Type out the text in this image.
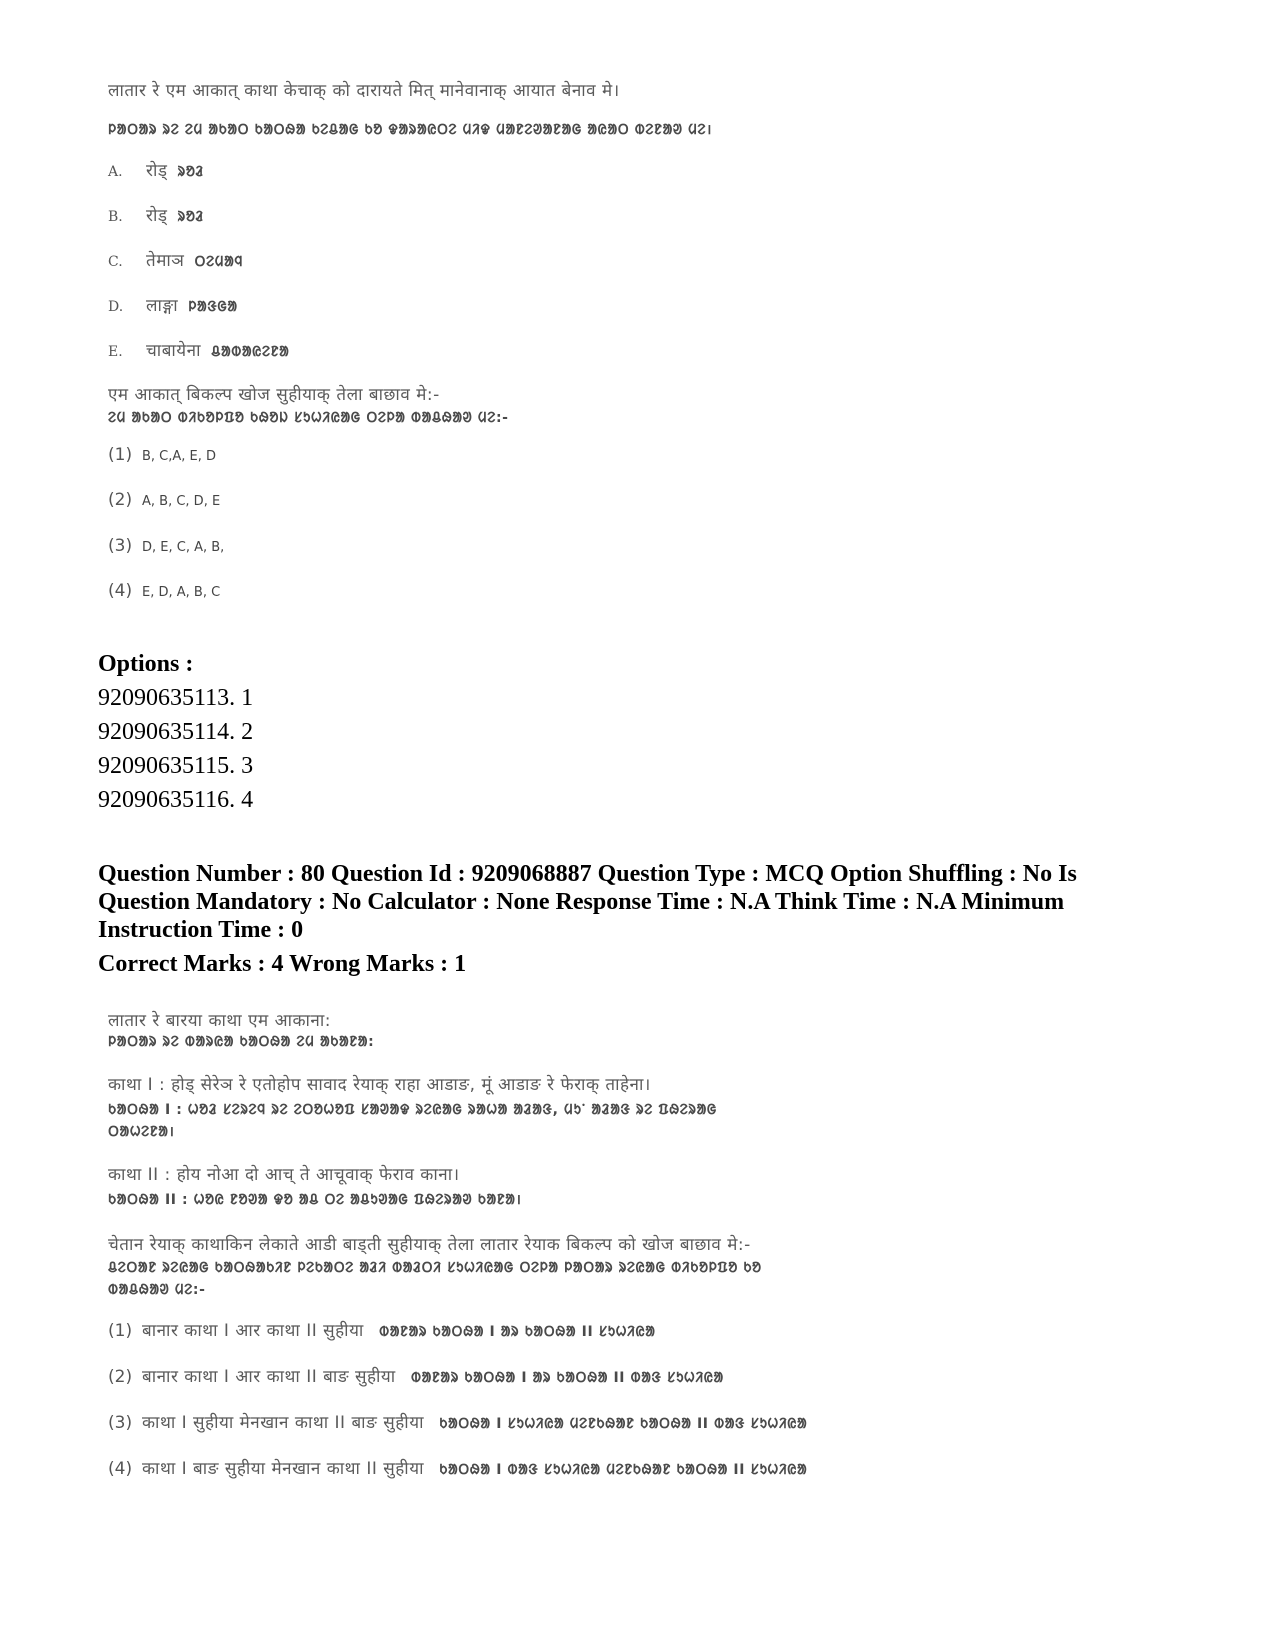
लातार रे एम आकात् काथा केचाक् को दारायते मित् मानेवानाक् आयात बेनाव मे।
ᱞᱟᱛᱟᱨ ᱨᱮ ᱮᱢ ᱟᱠᱟᱛ ᱠᱟᱛᱷᱟ ᱠᱮᱪᱟᱜ ᱠᱚ ᱫᱟᱨᱟᱭᱛᱮ ᱢᱤᱫ ᱢᱟᱱᱮᱣᱟᱱᱟᱜ ᱟᱭᱟᱛ ᱵᱮᱱᱟᱣ ᱢᱮ।
A. रोड् ᱨᱚᱲ
B. रोड् ᱨᱚᱲ
C. तेमाञ ᱛᱮᱢᱟᱧ
D. लाङ्गा ᱞᱟᱝᱜᱟ
E. चाबायेना ᱪᱟᱵᱟᱭᱮᱱᱟ
एम आकात् बिकल्प खोज सुहीयाक् तेला बाछाव मे:-
ᱮᱢ ᱟᱠᱟᱛ ᱵᱤᱠᱚᱞᱯᱚ ᱠᱷᱚᱡ ᱥᱩᱦᱤᱭᱟᱜ ᱛᱮᱞᱟ ᱵᱟᱪᱷᱟᱣ ᱢᱮ:-
(1) B, C,A, E, D
(2) A, B, C, D, E
(3) D, E, C, A, B,
(4) E, D, A, B, C
Options :
92090635113. 1
92090635114. 2
92090635115. 3
92090635116. 4
Question Number : 80 Question Id : 9209068887 Question Type : MCQ Option Shuffling : No Is
Question Mandatory : No Calculator : None Response Time : N.A Think Time : N.A Minimum
Instruction Time : 0
Correct Marks : 4 Wrong Marks : 1
लातार रे बारया काथा एम आकाना:
ᱞᱟᱛᱟᱨ ᱨᱮ ᱵᱟᱨᱭᱟ ᱠᱟᱛᱷᱟ ᱮᱢ ᱟᱠᱟᱱᱟ:
काथा I : होड् सेरेञ रे एतोहोप सावाद रेयाक् राहा आडाङ, मूं आडाङ रे फेराक् ताहेना।
ᱠᱟᱛᱷᱟ I : ᱦᱚᱲ ᱥᱮᱨᱮᱧ ᱨᱮ ᱮᱛᱚᱦᱚᱯ ᱥᱟᱣᱟᱫ ᱨᱮᱭᱟᱜ ᱨᱟᱦᱟ ᱟᱲᱟᱝ, ᱢᱩᱸ ᱟᱲᱟᱝ ᱨᱮ ᱯᱷᱮᱨᱟᱜ
ᱛᱟᱦᱮᱱᱟ।
काथा II : होय नोआ दो आच् ते आचूवाक् फेराव काना।
ᱠᱟᱛᱷᱟ II : ᱦᱚᱭ ᱱᱚᱣᱟ ᱫᱚ ᱟᱪ ᱛᱮ ᱟᱪᱩᱣᱟᱜ ᱯᱷᱮᱨᱟᱣ ᱠᱟᱱᱟ।
चेतान रेयाक् काथाकिन लेकाते आडी बाड्ती सुहीयाक् तेला लातार रेयाक बिकल्प को खोज बाछाव मे:-
ᱪᱮᱛᱟᱱ ᱨᱮᱭᱟᱜ ᱠᱟᱛᱷᱟᱠᱤᱱ ᱞᱮᱠᱟᱛᱮ ᱟᱲᱤ ᱵᱟᱲᱛᱤ ᱥᱩᱦᱤᱭᱟᱜ ᱛᱮᱞᱟ ᱞᱟᱛᱟᱨ ᱨᱮᱭᱟᱜ ᱵᱤᱠᱚᱞᱯᱚ ᱠᱚ
ᱵᱟᱪᱷᱟᱣ ᱢᱮ:-
(1) बानार काथा I आर काथा II सुहीया ᱵᱟᱱᱟᱨ ᱠᱟᱛᱷᱟ I ᱟᱨ ᱠᱟᱛᱷᱟ II ᱥᱩᱦᱤᱭᱟ
(2) बानार काथा I आर काथा II बाङ सुहीया ᱵᱟᱱᱟᱨ ᱠᱟᱛᱷᱟ I ᱟᱨ ᱠᱟᱛᱷᱟ II ᱵᱟᱝ ᱥᱩᱦᱤᱭᱟ
(3) काथा I सुहीया मेनखान काथा II बाङ सुहीया ᱠᱟᱛᱷᱟ I ᱥᱩᱦᱤᱭᱟ ᱢᱮᱱᱠᱷᱟᱱ ᱠᱟᱛᱷᱟ II ᱵᱟᱝ ᱥᱩᱦᱤᱭᱟ
(4) काथा I बाङ सुहीया मेनखान काथा II सुहीया ᱠᱟᱛᱷᱟ I ᱵᱟᱝ ᱥᱩᱦᱤᱭᱟ ᱢᱮᱱᱠᱷᱟᱱ ᱠᱟᱛᱷᱟ II ᱥᱩᱦᱤᱭᱟ
